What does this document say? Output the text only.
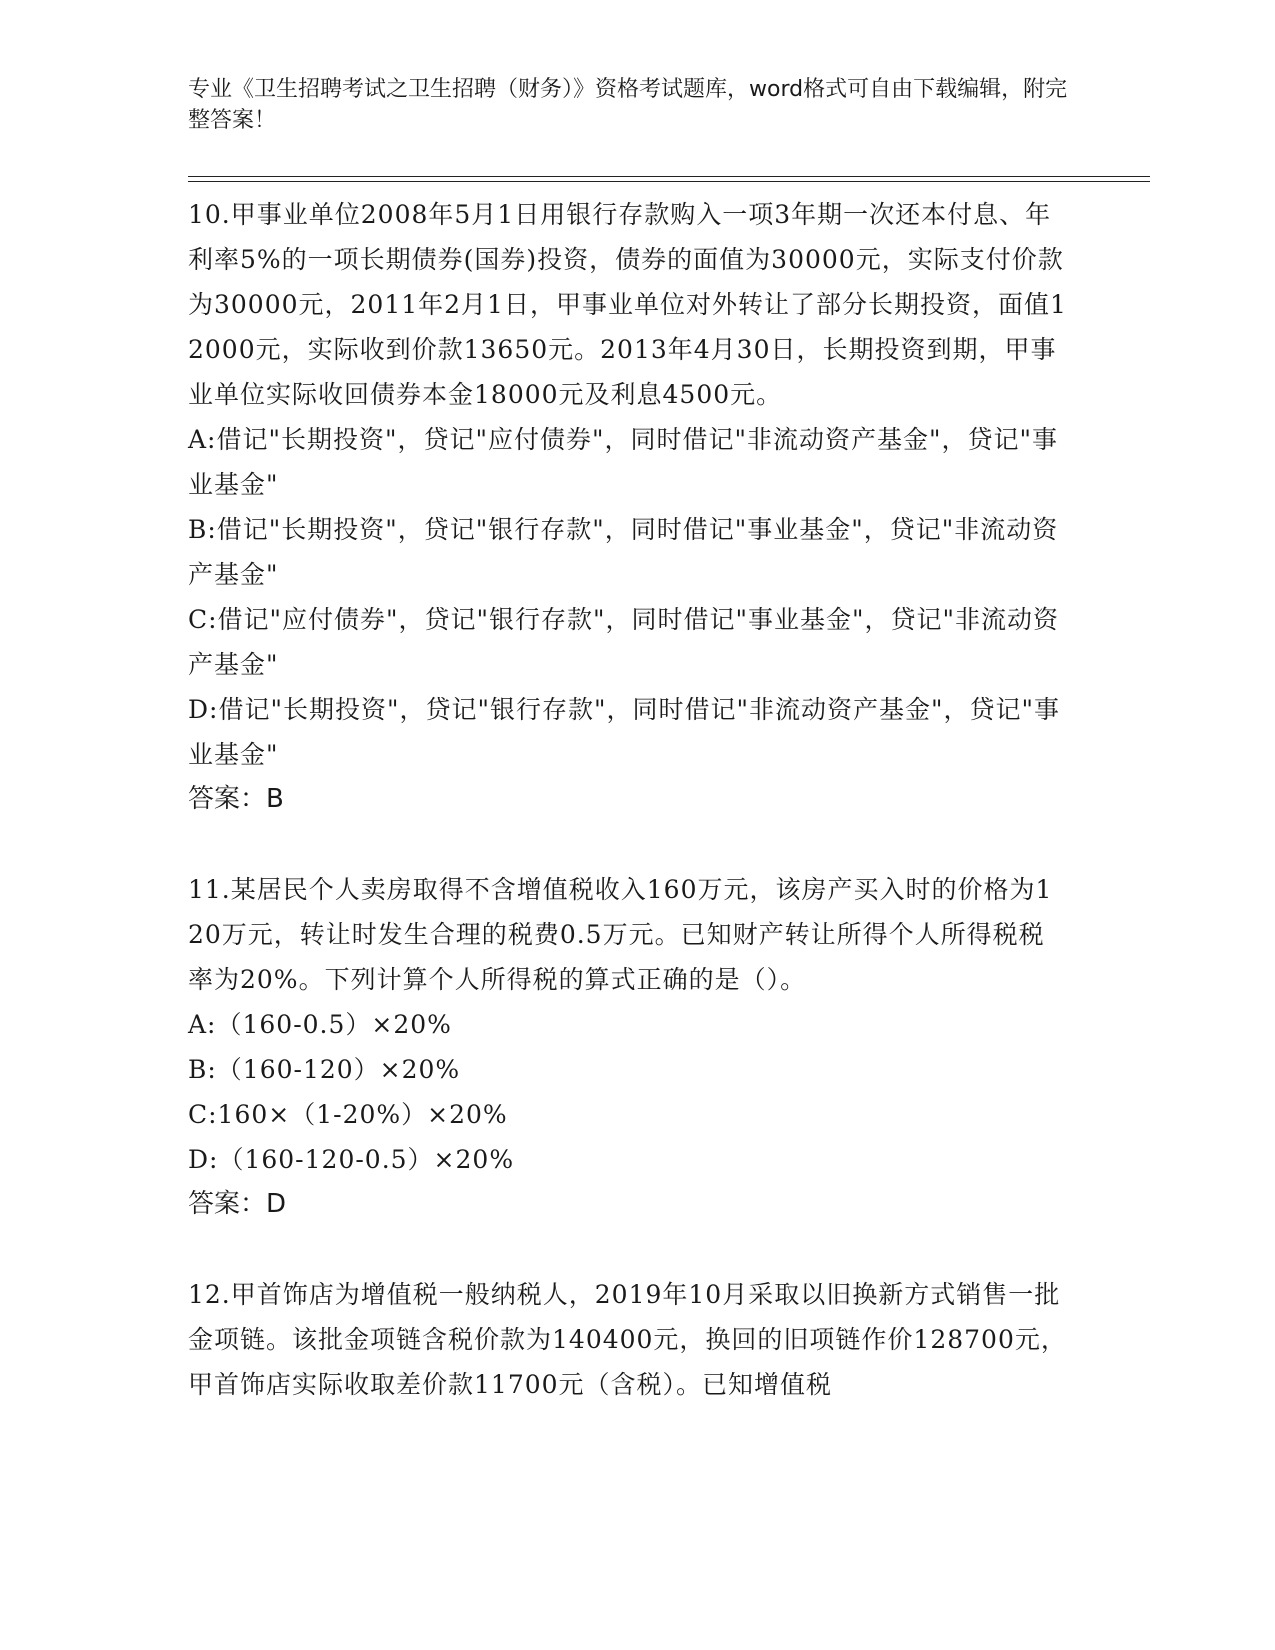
专业《卫生招聘考试之卫生招聘（财务）》资格考试题库，word格式可自由下载编辑，附完整答案！

10.甲事业单位2008年5月1日用银行存款购入一项3年期一次还本付息、年利率5%的一项长期债券(国券)投资，债券的面值为30000元，实际支付价款为30000元，2011年2月1日，甲事业单位对外转让了部分长期投资，面值12000元，实际收到价款13650元。2013年4月30日，长期投资到期，甲事业单位实际收回债券本金18000元及利息4500元。

A:借记"长期投资"，贷记"应付债券"，同时借记"非流动资产基金"，贷记"事业基金"

B:借记"长期投资"，贷记"银行存款"，同时借记"事业基金"，贷记"非流动资产基金"

C:借记"应付债券"，贷记"银行存款"，同时借记"事业基金"，贷记"非流动资产基金"

D:借记"长期投资"，贷记"银行存款"，同时借记"非流动资产基金"，贷记"事业基金"

答案：B

11.某居民个人卖房取得不含增值税收入160万元，该房产买入时的价格为120万元，转让时发生合理的税费0.5万元。已知财产转让所得个人所得税税率为20%。下列计算个人所得税的算式正确的是（）。

A:（160-0.5）×20%

B:（160-120）×20%

C:160×（1-20%）×20%

D:（160-120-0.5）×20%

答案：D

12.甲首饰店为增值税一般纳税人，2019年10月采取以旧换新方式销售一批金项链。该批金项链含税价款为140400元，换回的旧项链作价128700元，甲首饰店实际收取差价款11700元（含税）。已知增值税
